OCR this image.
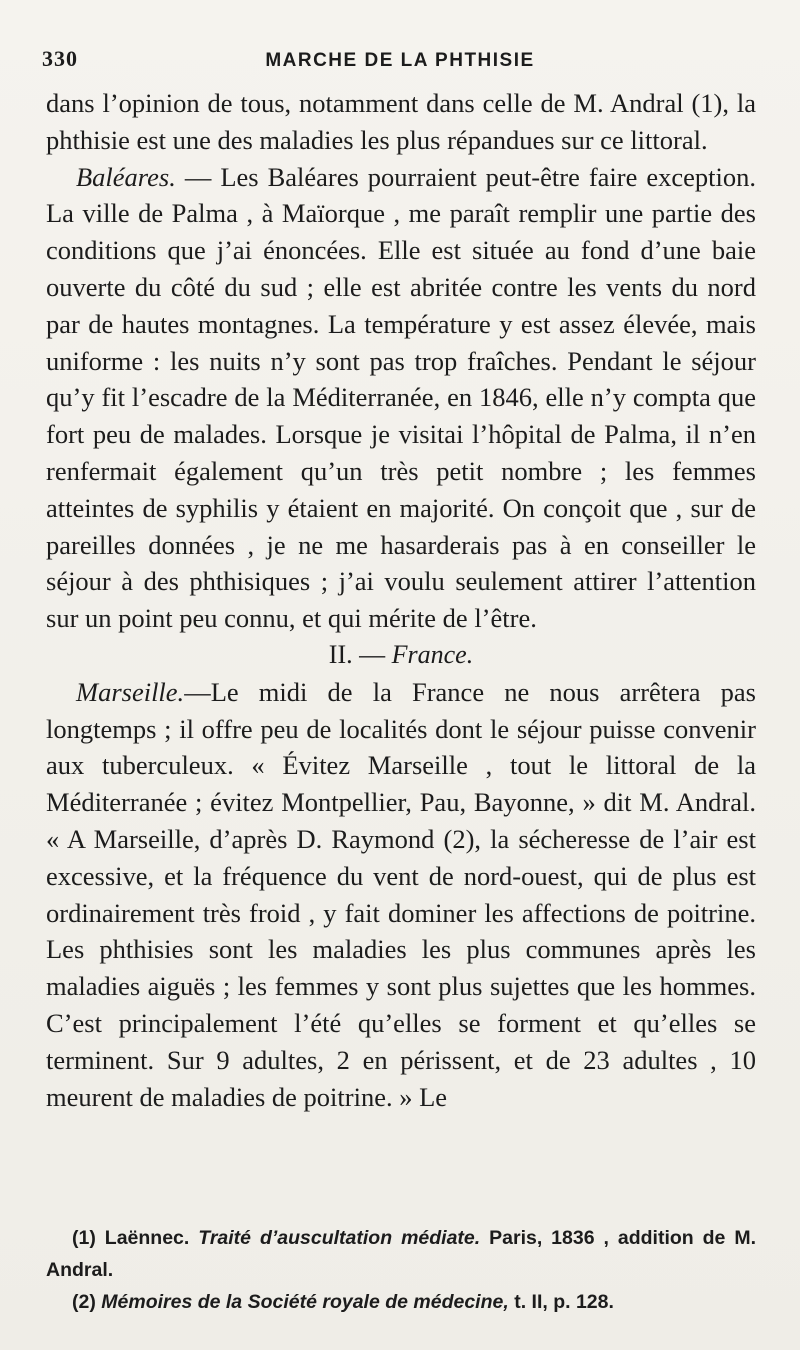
330	MARCHE DE LA PHTHISIE

dans l’opinion de tous, notamment dans celle de M. Andral (1), la phthisie est une des maladies les plus répandues sur ce littoral.

Baléares. — Les Baléares pourraient peut-être faire exception. La ville de Palma , à Maïorque , me paraît remplir une partie des conditions que j’ai énoncées. Elle est située au fond d’une baie ouverte du côté du sud ; elle est abritée contre les vents du nord par de hautes montagnes. La température y est assez élevée, mais uniforme : les nuits n’y sont pas trop fraîches. Pendant le séjour qu’y fit l’escadre de la Méditerranée, en 1846, elle n’y compta que fort peu de malades. Lorsque je visitai l’hôpital de Palma, il n’en renfermait également qu’un très petit nombre ; les femmes atteintes de syphilis y étaient en majorité. On conçoit que , sur de pareilles données , je ne me hasarderais pas à en conseiller le séjour à des phthisiques ; j’ai voulu seulement attirer l’attention sur un point peu connu, et qui mérite de l’être.

II. — France.

Marseille.—Le midi de la France ne nous arrêtera pas longtemps ; il offre peu de localités dont le séjour puisse convenir aux tuberculeux. « Évitez Marseille , tout le littoral de la Méditerranée ; évitez Montpellier, Pau, Bayonne, » dit M. Andral. « A Marseille, d’après D. Raymond (2), la sécheresse de l’air est excessive, et la fréquence du vent de nord-ouest, qui de plus est ordinairement très froid , y fait dominer les affections de poitrine. Les phthisies sont les maladies les plus communes après les maladies aiguës ; les femmes y sont plus sujettes que les hommes. C’est principalement l’été qu’elles se forment et qu’elles se terminent. Sur 9 adultes, 2 en périssent, et de 23 adultes , 10 meurent de maladies de poitrine. » Le

(1) Laënnec. Traité d’auscultation médiate. Paris, 1836 , addition de M. Andral.

(2) Mémoires de la Société royale de médecine, t. II, p. 128.
